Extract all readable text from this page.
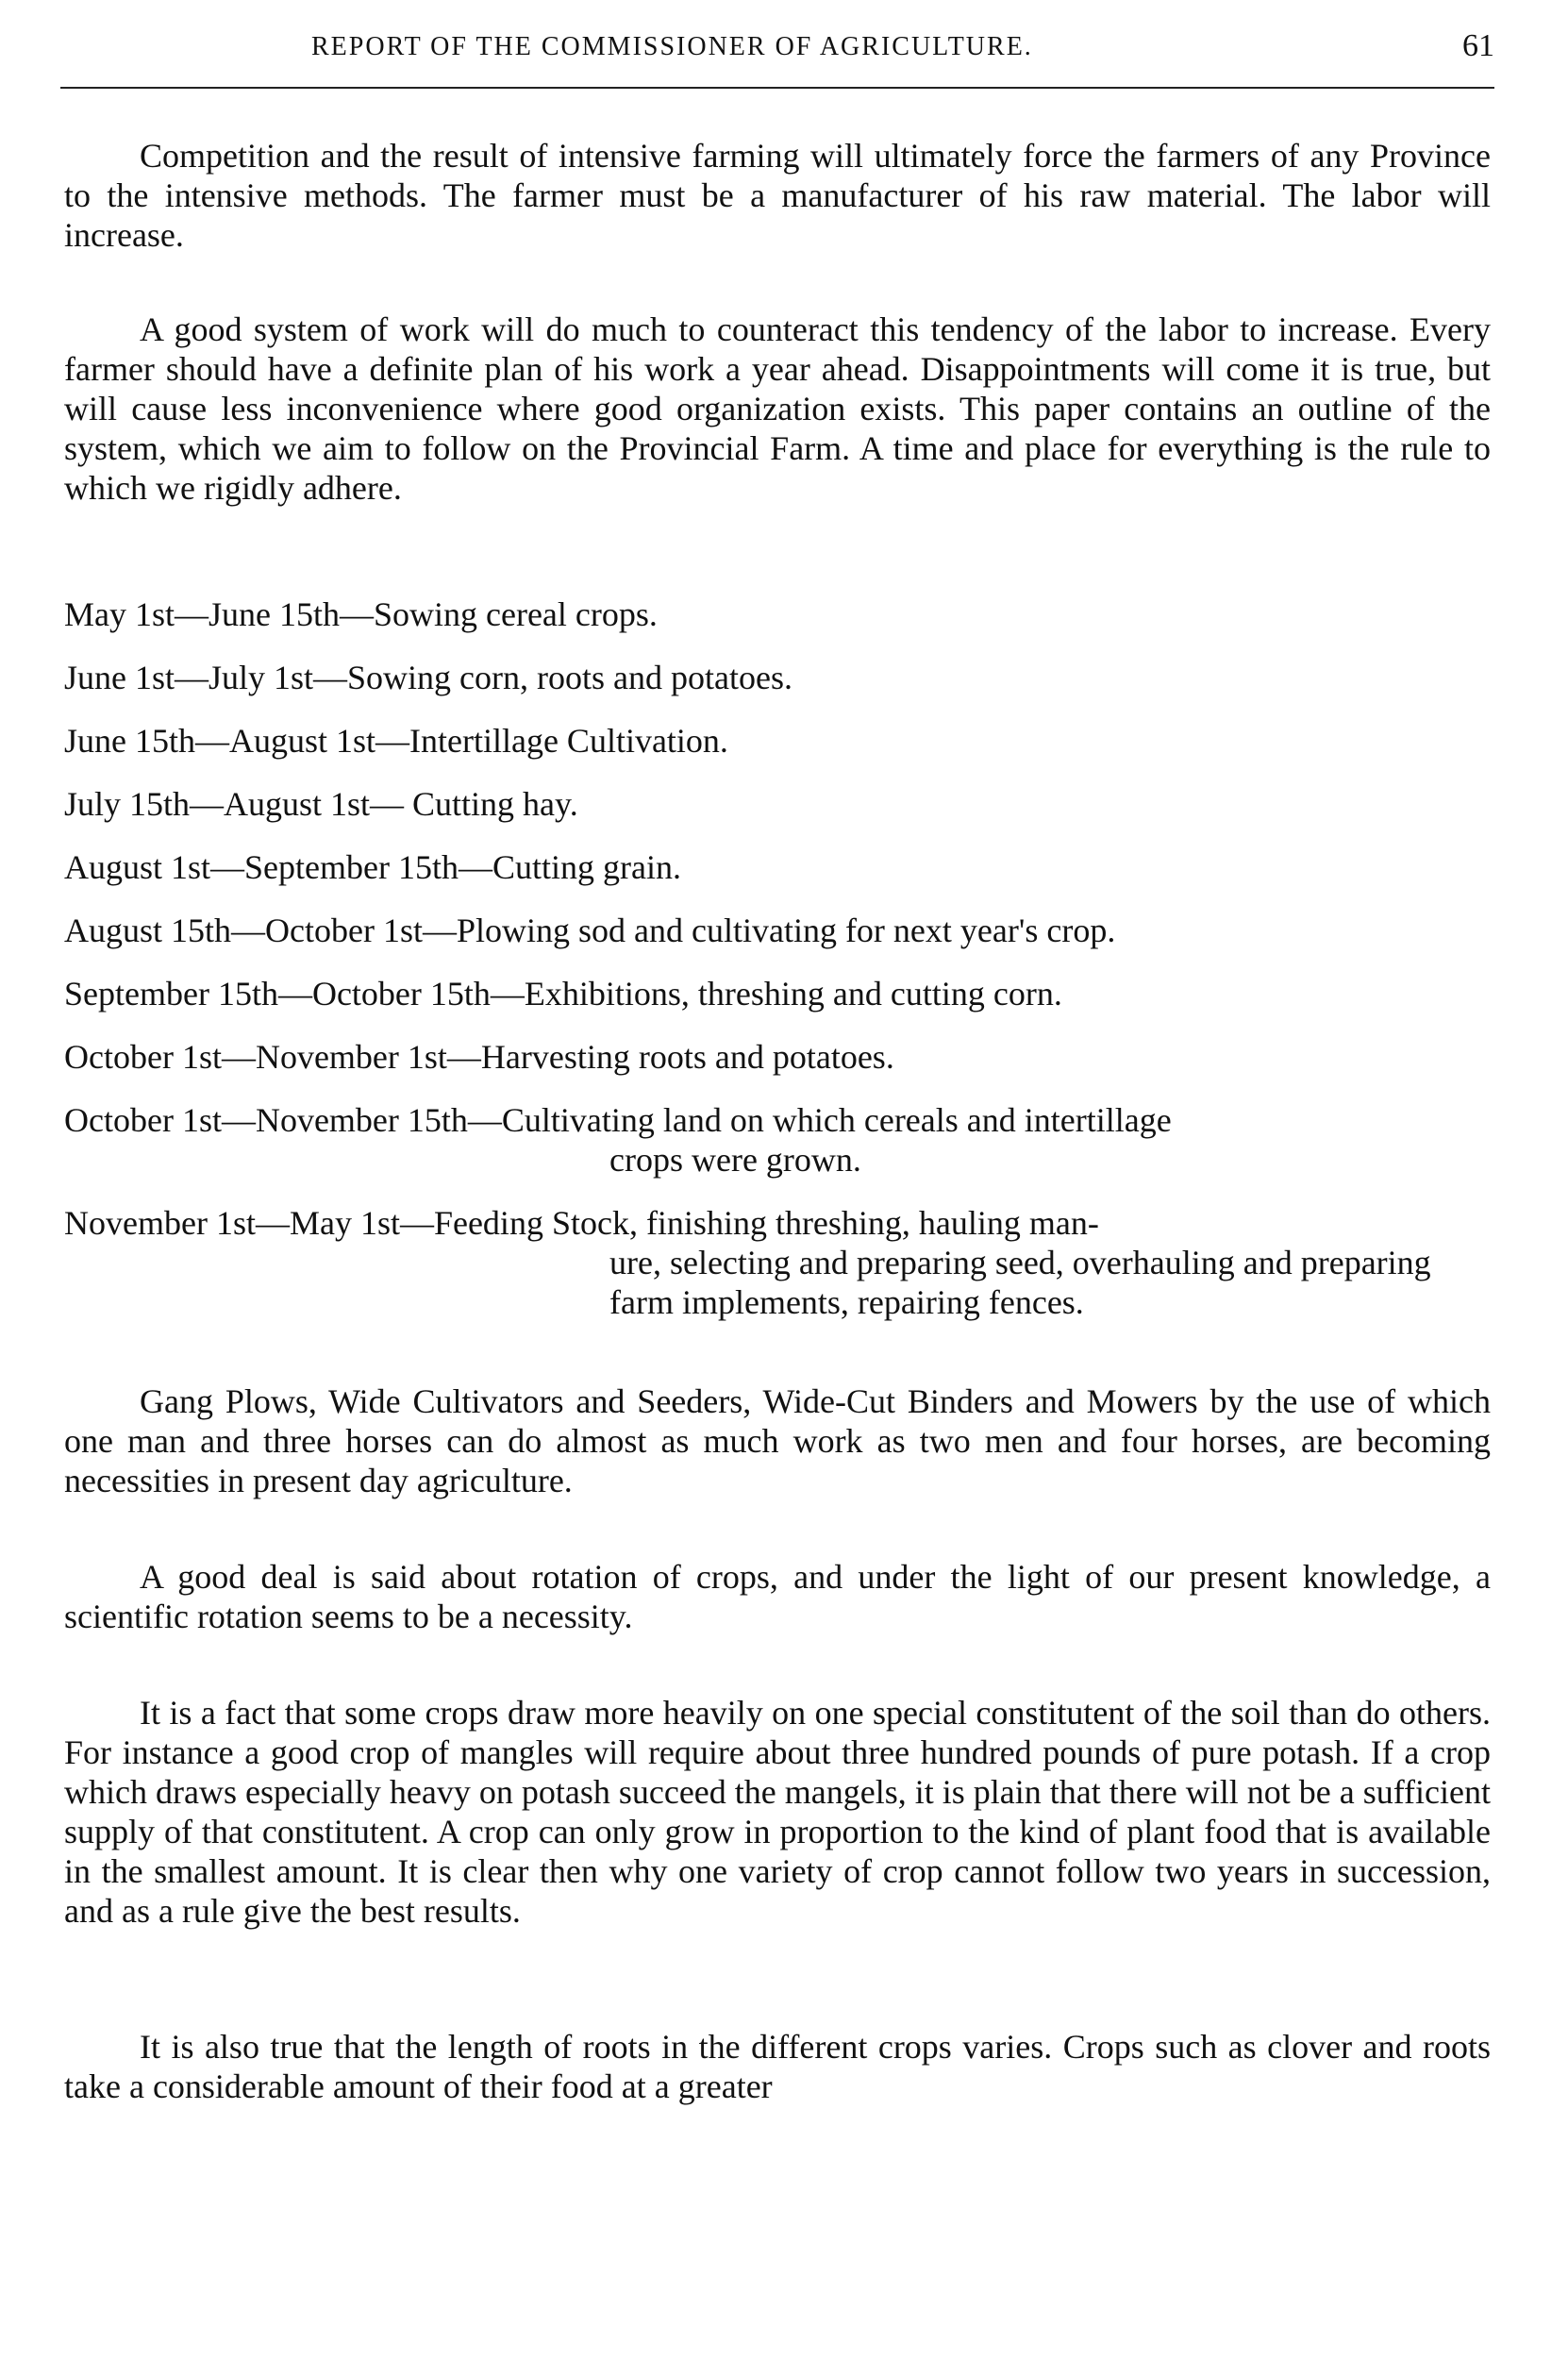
REPORT OF THE COMMISSIONER OF AGRICULTURE.	61

Competition and the result of intensive farming will ultimately force the farmers of any Province to the intensive methods. The farmer must be a manufacturer of his raw material. The labor will increase.

A good system of work will do much to counteract this tendency of the labor to increase. Every farmer should have a definite plan of his work a year ahead. Disappointments will come it is true, but will cause less inconvenience where good organization exists. This paper contains an outline of the system, which we aim to follow on the Provincial Farm. A time and place for everything is the rule to which we rigidly adhere.

May 1st—June 15th—Sowing cereal crops.
June 1st—July 1st—Sowing corn, roots and potatoes.
June 15th—August 1st—Intertillage Cultivation.
July 15th—August 1st— Cutting hay.
August 1st—September 15th—Cutting grain.
August 15th—October 1st—Plowing sod and cultivating for next year's crop.
September 15th—October 15th—Exhibitions, threshing and cutting corn.
October 1st—November 1st—Harvesting roots and potatoes.
October 1st—November 15th—Cultivating land on which cereals and intertillage
crops were grown.
November 1st—May 1st—Feeding Stock, finishing threshing, hauling man-
ure, selecting and preparing seed, overhauling and preparing farm implements, repairing fences.

Gang Plows, Wide Cultivators and Seeders, Wide-Cut Binders and Mowers by the use of which one man and three horses can do almost as much work as two men and four horses, are becoming necessities in present day agriculture.

A good deal is said about rotation of crops, and under the light of our present knowledge, a scientific rotation seems to be a necessity.

It is a fact that some crops draw more heavily on one special constitutent of the soil than do others. For instance a good crop of mangles will require about three hundred pounds of pure potash. If a crop which draws especially heavy on potash succeed the mangels, it is plain that there will not be a sufficient supply of that constitutent. A crop can only grow in proportion to the kind of plant food that is available in the smallest amount. It is clear then why one variety of crop cannot follow two years in succession, and as a rule give the best results.

It is also true that the length of roots in the different crops varies. Crops such as clover and roots take a considerable amount of their food at a greater
